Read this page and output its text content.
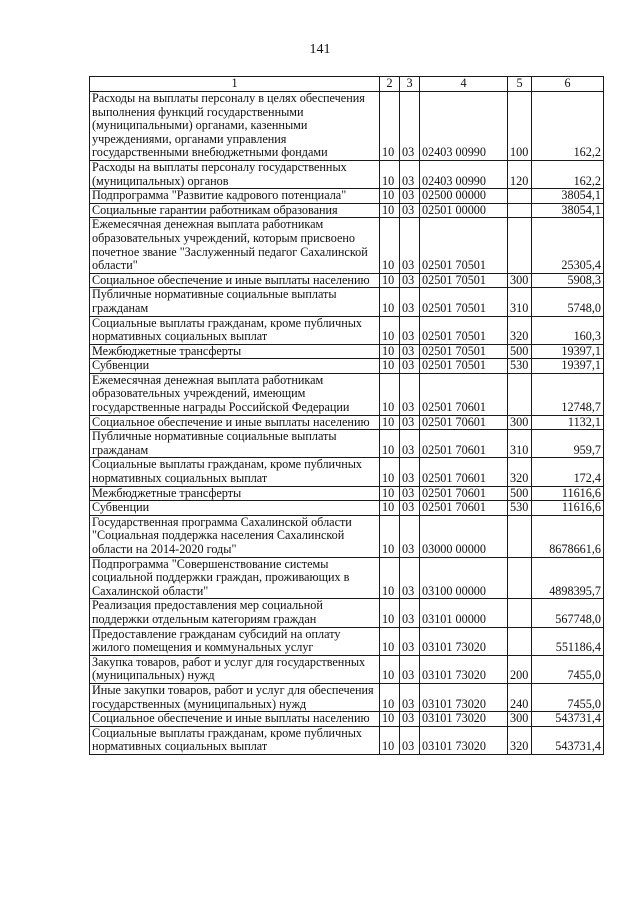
141
1	2	3	4	5	6
Расходы на выплаты персоналу в целях обеспечения выполнения функций государственными (муниципальными) органами, казенными учреждениями, органами управления государственными внебюджетными фондами	10	03	02403 00990	100	162,2
Расходы на выплаты персоналу государственных (муниципальных) органов	10	03	02403 00990	120	162,2
Подпрограмма "Развитие кадрового потенциала"	10	03	02500 00000		38054,1
Социальные гарантии работникам образования	10	03	02501 00000		38054,1
Ежемесячная денежная выплата работникам образовательных учреждений, которым присвоено почетное звание "Заслуженный педагог Сахалинской области"	10	03	02501 70501		25305,4
Социальное обеспечение и иные выплаты населению	10	03	02501 70501	300	5908,3
Публичные нормативные социальные выплаты гражданам	10	03	02501 70501	310	5748,0
Социальные выплаты гражданам, кроме публичных нормативных социальных выплат	10	03	02501 70501	320	160,3
Межбюджетные трансферты	10	03	02501 70501	500	19397,1
Субвенции	10	03	02501 70501	530	19397,1
Ежемесячная денежная выплата работникам образовательных учреждений, имеющим государственные награды Российской Федерации	10	03	02501 70601		12748,7
Социальное обеспечение и иные выплаты населению	10	03	02501 70601	300	1132,1
Публичные нормативные социальные выплаты гражданам	10	03	02501 70601	310	959,7
Социальные выплаты гражданам, кроме публичных нормативных социальных выплат	10	03	02501 70601	320	172,4
Межбюджетные трансферты	10	03	02501 70601	500	11616,6
Субвенции	10	03	02501 70601	530	11616,6
Государственная программа Сахалинской области "Социальная поддержка населения Сахалинской области на 2014-2020 годы"	10	03	03000 00000		8678661,6
Подпрограмма "Совершенствование системы социальной поддержки граждан, проживающих в Сахалинской области"	10	03	03100 00000		4898395,7
Реализация предоставления мер социальной поддержки отдельным категориям граждан	10	03	03101 00000		567748,0
Предоставление гражданам субсидий на оплату жилого помещения и коммунальных услуг	10	03	03101 73020		551186,4
Закупка товаров, работ и услуг для государственных (муниципальных) нужд	10	03	03101 73020	200	7455,0
Иные закупки товаров, работ и услуг для обеспечения государственных (муниципальных) нужд	10	03	03101 73020	240	7455,0
Социальное обеспечение и иные выплаты населению	10	03	03101 73020	300	543731,4
Социальные выплаты гражданам, кроме публичных нормативных социальных выплат	10	03	03101 73020	320	543731,4
